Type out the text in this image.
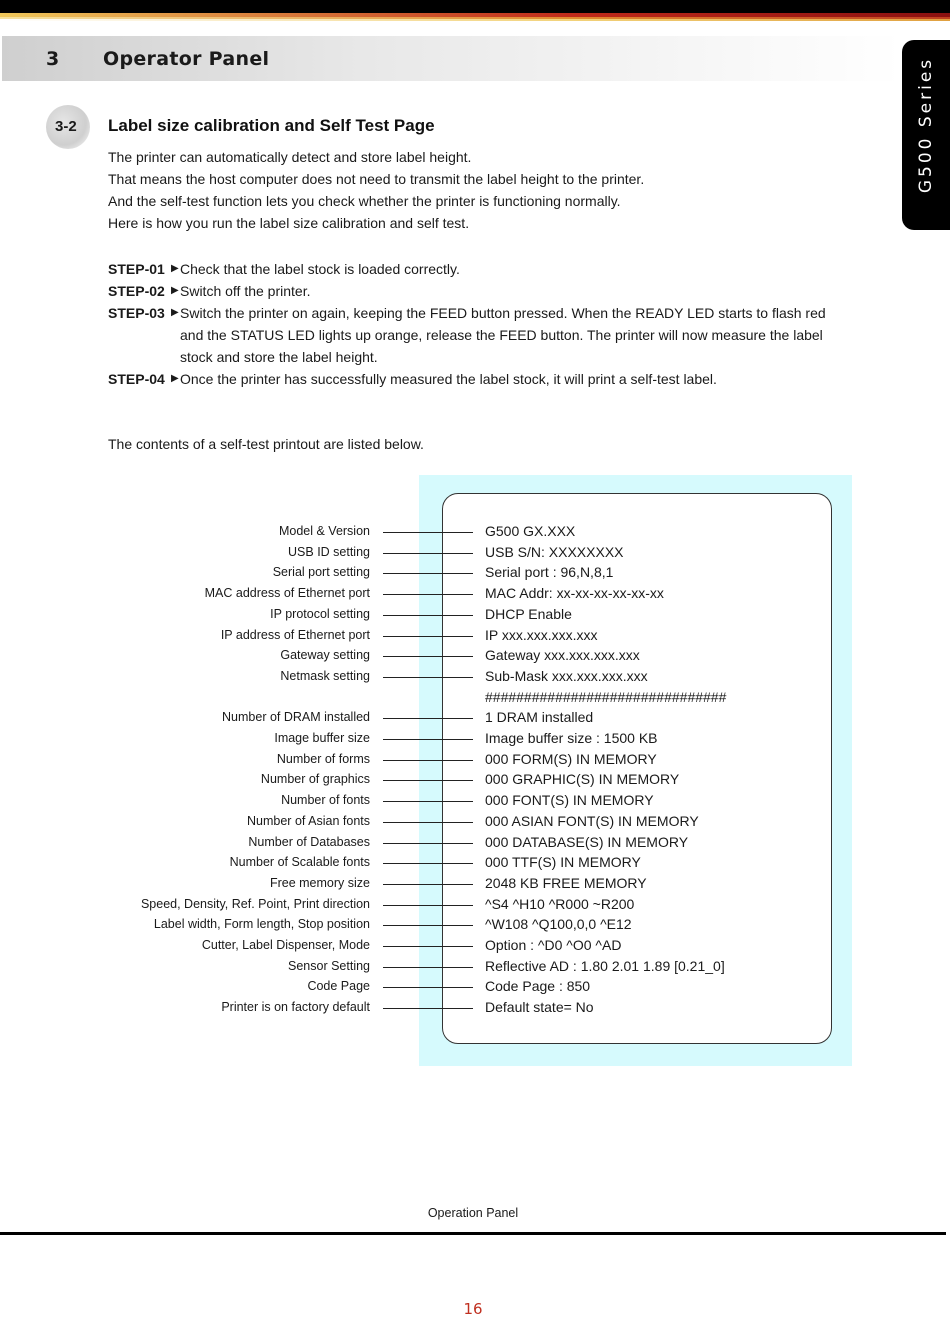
3 Operator Panel	G500 Series
3-2 Label size calibration and Self Test Page

The printer can automatically detect and store label height.

That means the host computer does not need to transmit the label height to the printer.

And the self-test function lets you check whether the printer is functioning normally.

Here is how you run the label size calibration and self test.

STEP-01 ▶ Check that the label stock is loaded correctly.
STEP-02 ▶ Switch off the printer.
STEP-03 ▶ Switch the printer on again, keeping the FEED button pressed. When the READY LED starts to flash red and the STATUS LED lights up orange, release the FEED button. The printer will now measure the label stock and store the label height.
STEP-04 ▶ Once the printer has successfully measured the label stock, it will print a self-test label.
The contents of a self-test printout are listed below.
Model & Version
USB ID setting
Serial port setting
MAC address of Ethernet port
IP protocol setting
IP address of Ethernet port
Gateway setting
Netmask setting
Number of DRAM installed
Image buffer size
Number of forms
Number of graphics
Number of fonts
Number of Asian fonts
Number of Databases
Number of Scalable fonts
Free memory size
Speed, Density, Ref. Point, Print direction
Label width, Form length, Stop position
Cutter, Label Dispenser, Mode
Sensor Setting
Code Page
Printer is on factory default
G500 GX.XXX
USB S/N: XXXXXXXX
Serial port : 96,N,8,1
MAC Addr: xx-xx-xx-xx-xx-xx
DHCP Enable
IP xxx.xxx.xxx.xxx
Gateway xxx.xxx.xxx.xxx
Sub-Mask xxx.xxx.xxx.xxx
###############################
1 DRAM installed
Image buffer size : 1500 KB
000 FORM(S) IN MEMORY
000 GRAPHIC(S) IN MEMORY
000 FONT(S) IN MEMORY
000 ASIAN FONT(S) IN MEMORY
000 DATABASE(S) IN MEMORY
000 TTF(S) IN MEMORY
2048 KB FREE MEMORY
^S4 ^H10 ^R000 ~R200
^W108 ^Q100,0,0 ^E12
Option : ^D0 ^O0 ^AD
Reflective AD : 1.80 2.01 1.89 [0.21_0]
Code Page : 850
Default state= No
Operation Panel
16
